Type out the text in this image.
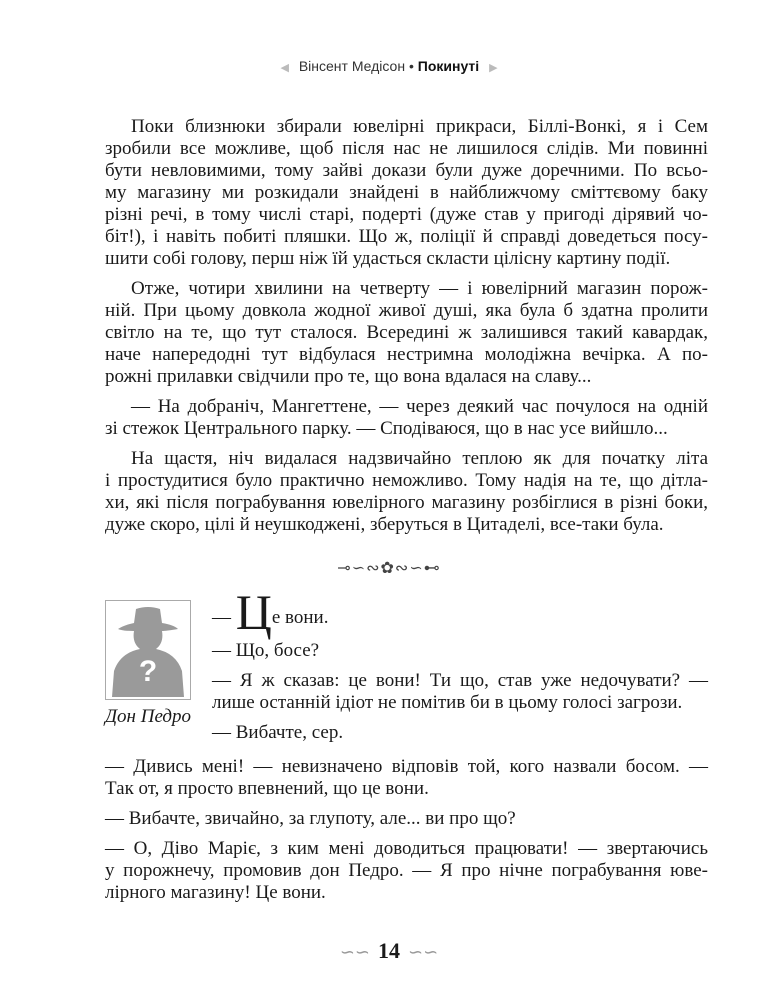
◀ Вінсент Медісон • Покинуті ▶
Поки близнюки збирали ювелірні прикраси, Біллі-Вонкі, я і Сем
зробили все можливе, щоб після нас не лишилося слідів. Ми повинні
бути невловимими, тому зайві докази були дуже доречними. По всьо-
му магазину ми розкидали знайдені в найближчому сміттєвому баку
різні речі, в тому числі старі, подерті (дуже став у пригоді дірявий чо-
біт!), і навіть побиті пляшки. Що ж, поліції й справді доведеться посу-
шити собі голову, перш ніж їй удасться скласти цілісну картину події.
Отже, чотири хвилини на четверту — і ювелірний магазин порож-
ній. При цьому довкола жодної живої душі, яка була б здатна пролити
світло на те, що тут сталося. Всередині ж залишився такий кавардак,
наче напередодні тут відбулася нестримна молодіжна вечірка. А по-
рожні прилавки свідчили про те, що вона вдалася на славу...
— На добраніч, Мангеттене, — через деякий час почулося на одній
зі стежок Центрального парку. — Сподіваюся, що в нас усе вийшло...
На щастя, ніч видалася надзвичайно теплою як для початку літа
і простудитися було практично неможливо. Тому надія на те, що дітла-
хи, які після пограбування ювелірного магазину розбіглися в різні боки,
дуже скоро, цілі й неушкоджені, зберуться в Цитаделі, все-таки була.
⊸∽∾✿∾∽⊷
?
Дон Педро
— Це вони.
— Що, босе?
— Я ж сказав: це вони! Ти що, став уже недочувати? —
лише останній ідіот не помітив би в цьому голосі загрози.
— Вибачте, сер.
— Дивись мені! — невизначено відповів той, кого назвали босом. —
Так от, я просто впевнений, що це вони.
— Вибачте, звичайно, за глупоту, але... ви про що?
— О, Діво Маріє, з ким мені доводиться працювати! — звертаючись
у порожнечу, промовив дон Педро. — Я про нічне пограбування юве-
лірного магазину! Це вони.
∽∽ 14 ∽∽
